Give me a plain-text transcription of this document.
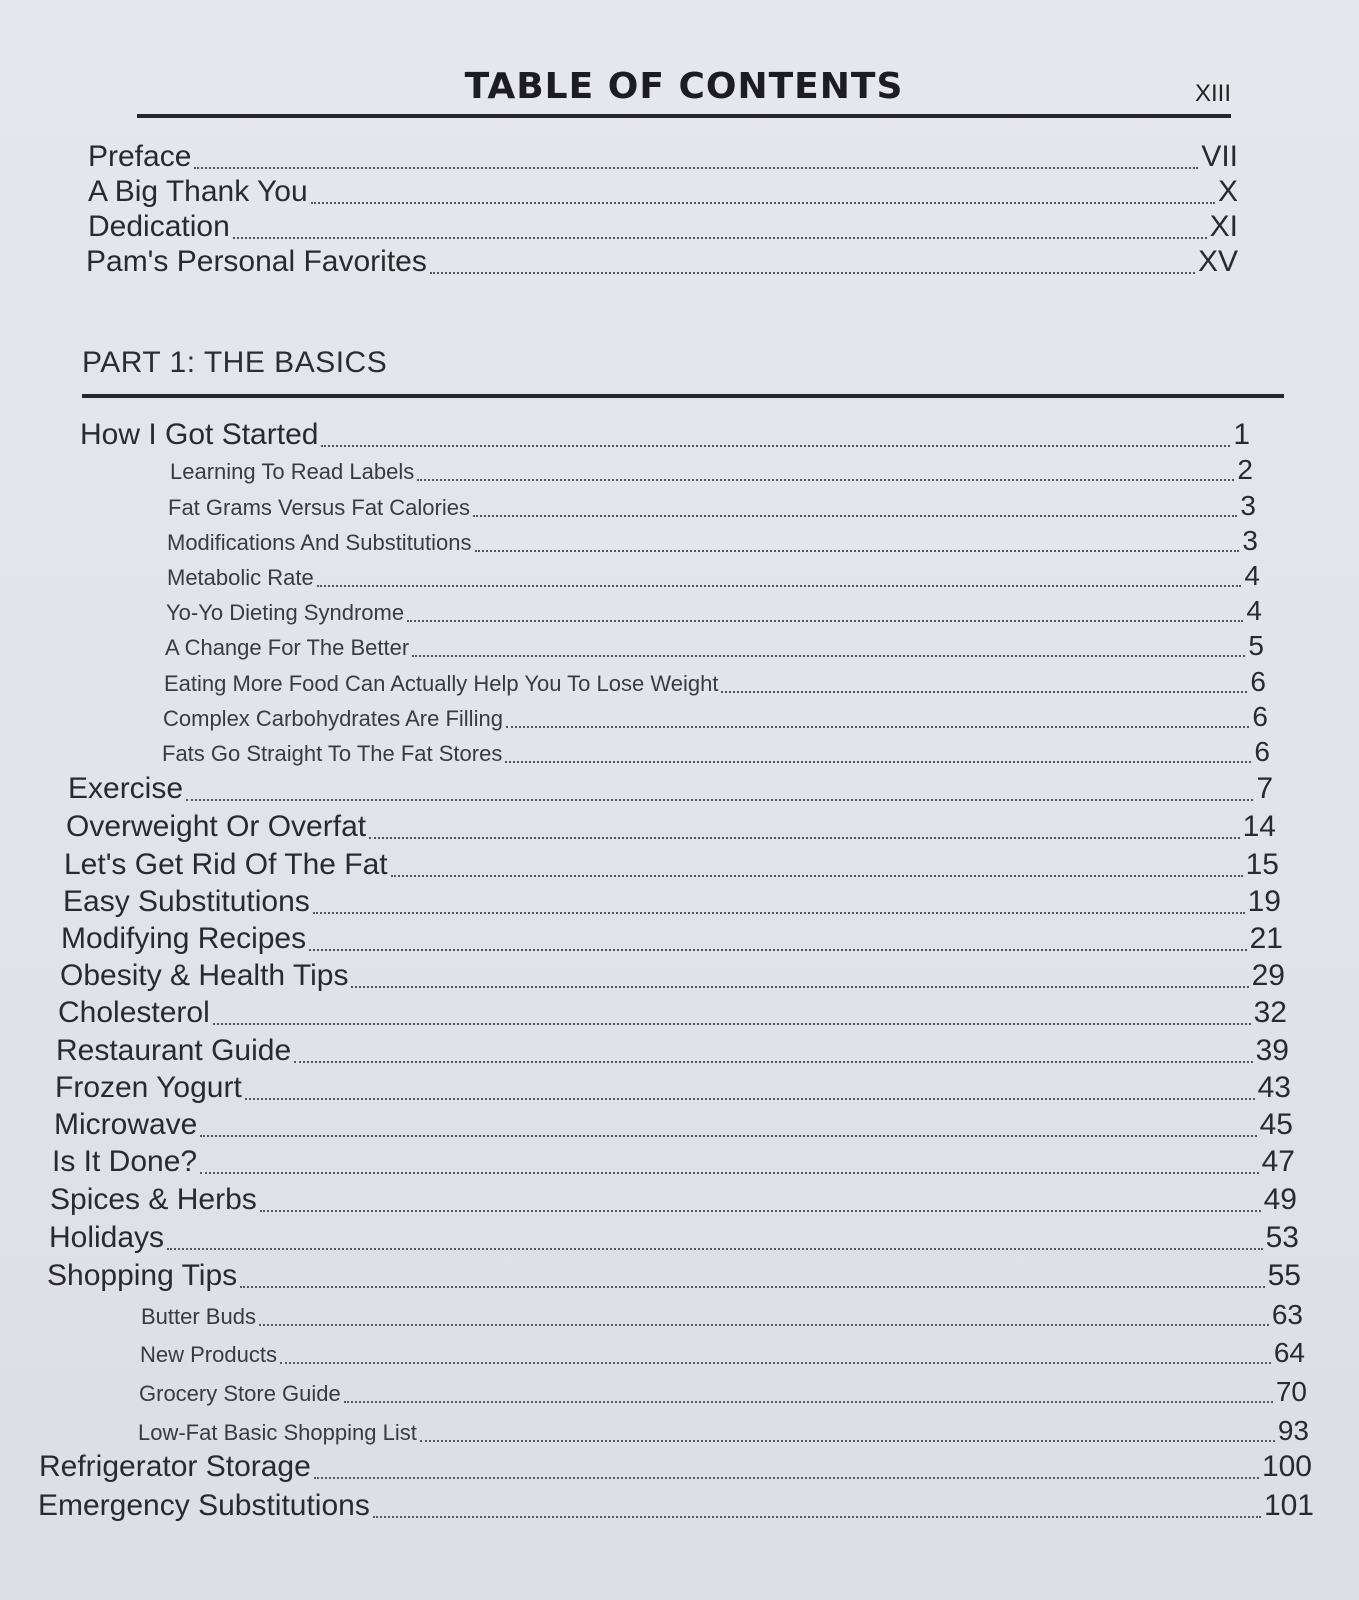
TABLE OF CONTENTS	XIII
Preface	VII
A Big Thank You	X
Dedication	XI
Pam's Personal Favorites	XV
PART 1: THE BASICS
How I Got Started	1
Learning To Read Labels	2
Fat Grams Versus Fat Calories	3
Modifications And Substitutions	3
Metabolic Rate	4
Yo-Yo Dieting Syndrome	4
A Change For The Better	5
Eating More Food Can Actually Help You To Lose Weight	6
Complex Carbohydrates Are Filling	6
Fats Go Straight To The Fat Stores	6
Exercise	7
Overweight Or Overfat	14
Let's Get Rid Of The Fat	15
Easy Substitutions	19
Modifying Recipes	21
Obesity & Health Tips	29
Cholesterol	32
Restaurant Guide	39
Frozen Yogurt	43
Microwave	45
Is It Done?	47
Spices & Herbs	49
Holidays	53
Shopping Tips	55
Butter Buds	63
New Products	64
Grocery Store Guide	70
Low-Fat Basic Shopping List	93
Refrigerator Storage	100
Emergency Substitutions	101
